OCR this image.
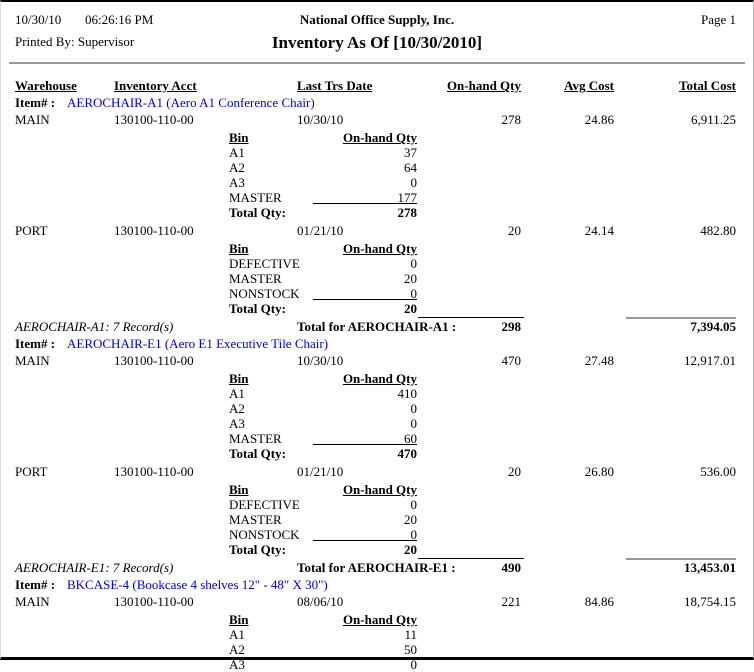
10/30/10 06:26:16 PM	National Office Supply, Inc.	Page 1
Printed By: Supervisor	Inventory As Of [10/30/2010]
Warehouse	Inventory Acct	Last Trs Date	On-hand Qty	Avg Cost	Total Cost
Item# : AEROCHAIR-A1 (Aero A1 Conference Chair)
MAIN	130100-110-00	10/30/10	278	24.86	6,911.25
Bin	On-hand Qty
A1	37
A2	64
A3	0
MASTER	177
Total Qty:	278
PORT	130100-110-00	01/21/10	20	24.14	482.80
Bin	On-hand Qty
DEFECTIVE	0
MASTER	20
NONSTOCK	0
Total Qty:	20
AEROCHAIR-A1: 7 Record(s)	Total for AEROCHAIR-A1 :	298	7,394.05
Item# : AEROCHAIR-E1 (Aero E1 Executive Tile Chair)
MAIN	130100-110-00	10/30/10	470	27.48	12,917.01
Bin	On-hand Qty
A1	410
A2	0
A3	0
MASTER	60
Total Qty:	470
PORT	130100-110-00	01/21/10	20	26.80	536.00
Bin	On-hand Qty
DEFECTIVE	0
MASTER	20
NONSTOCK	0
Total Qty:	20
AEROCHAIR-E1: 7 Record(s)	Total for AEROCHAIR-E1 :	490	13,453.01
Item# : BKCASE-4 (Bookcase 4 shelves 12" - 48" X 30")
MAIN	130100-110-00	08/06/10	221	84.86	18,754.15
Bin	On-hand Qty
A1	11
A2	50
A3	0
